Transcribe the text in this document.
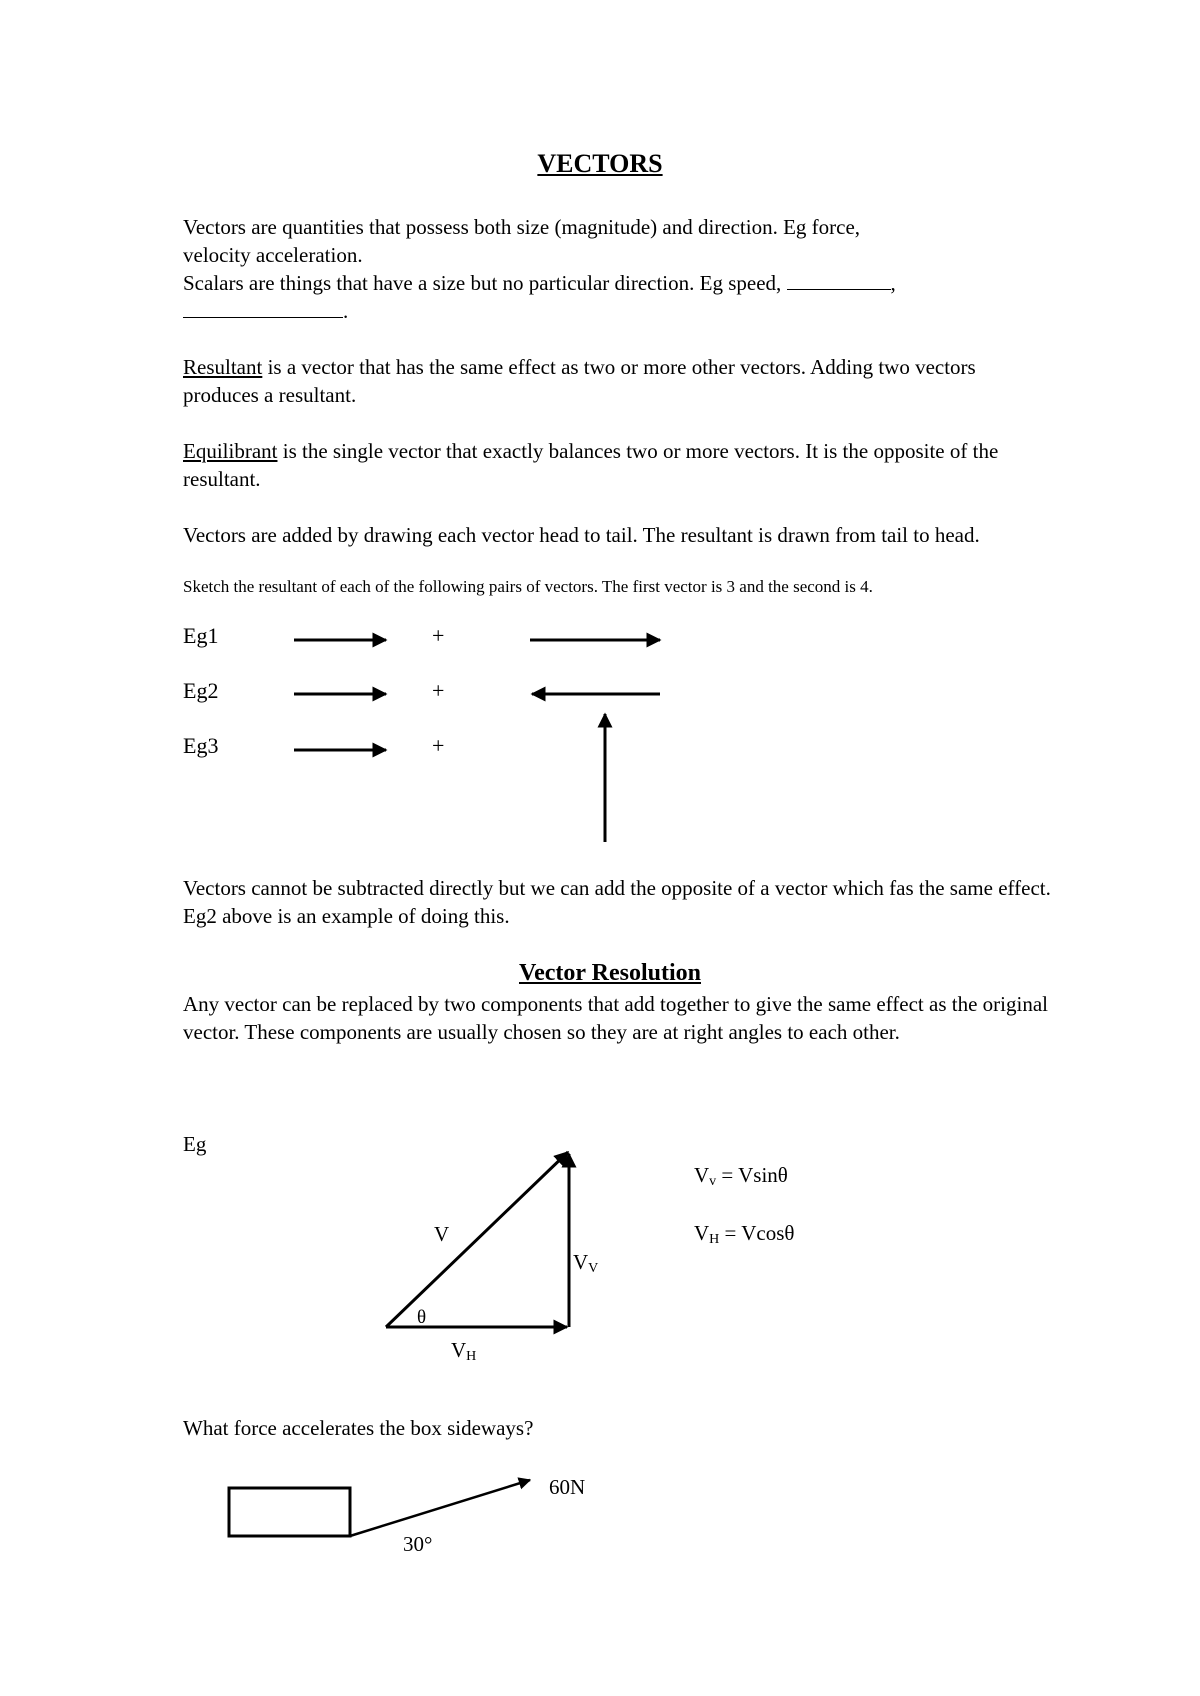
VECTORS
Vectors are quantities that possess both size (magnitude) and direction. Eg force,
velocity acceleration.
Scalars are things that have a size but no particular direction. Eg speed,	,
.
Resultant is a vector that has the same effect as two or more other vectors. Adding two vectors produces a resultant.
Equilibrant is the single vector that exactly balances two or more vectors. It is the opposite of the resultant.
Vectors are added by drawing each vector head to tail. The resultant is drawn from tail to head.
Sketch the resultant of each of the following pairs of vectors. The first vector is 3 and the second is 4.
Eg1	+
Eg2	+
Eg3	+
Vectors cannot be subtracted directly but we can add the opposite of a vector which fas the same effect. Eg2 above is an example of doing this.
Vector Resolution
Any vector can be replaced by two components that add together to give the same effect as the original vector. These components are usually chosen so they are at right angles to each other.
Eg
V
$V_V$
θ
$V_H$
$V_v = Vsin\theta$
$V_H = Vcos\theta$
What force accelerates the box sideways?
60N
30°
